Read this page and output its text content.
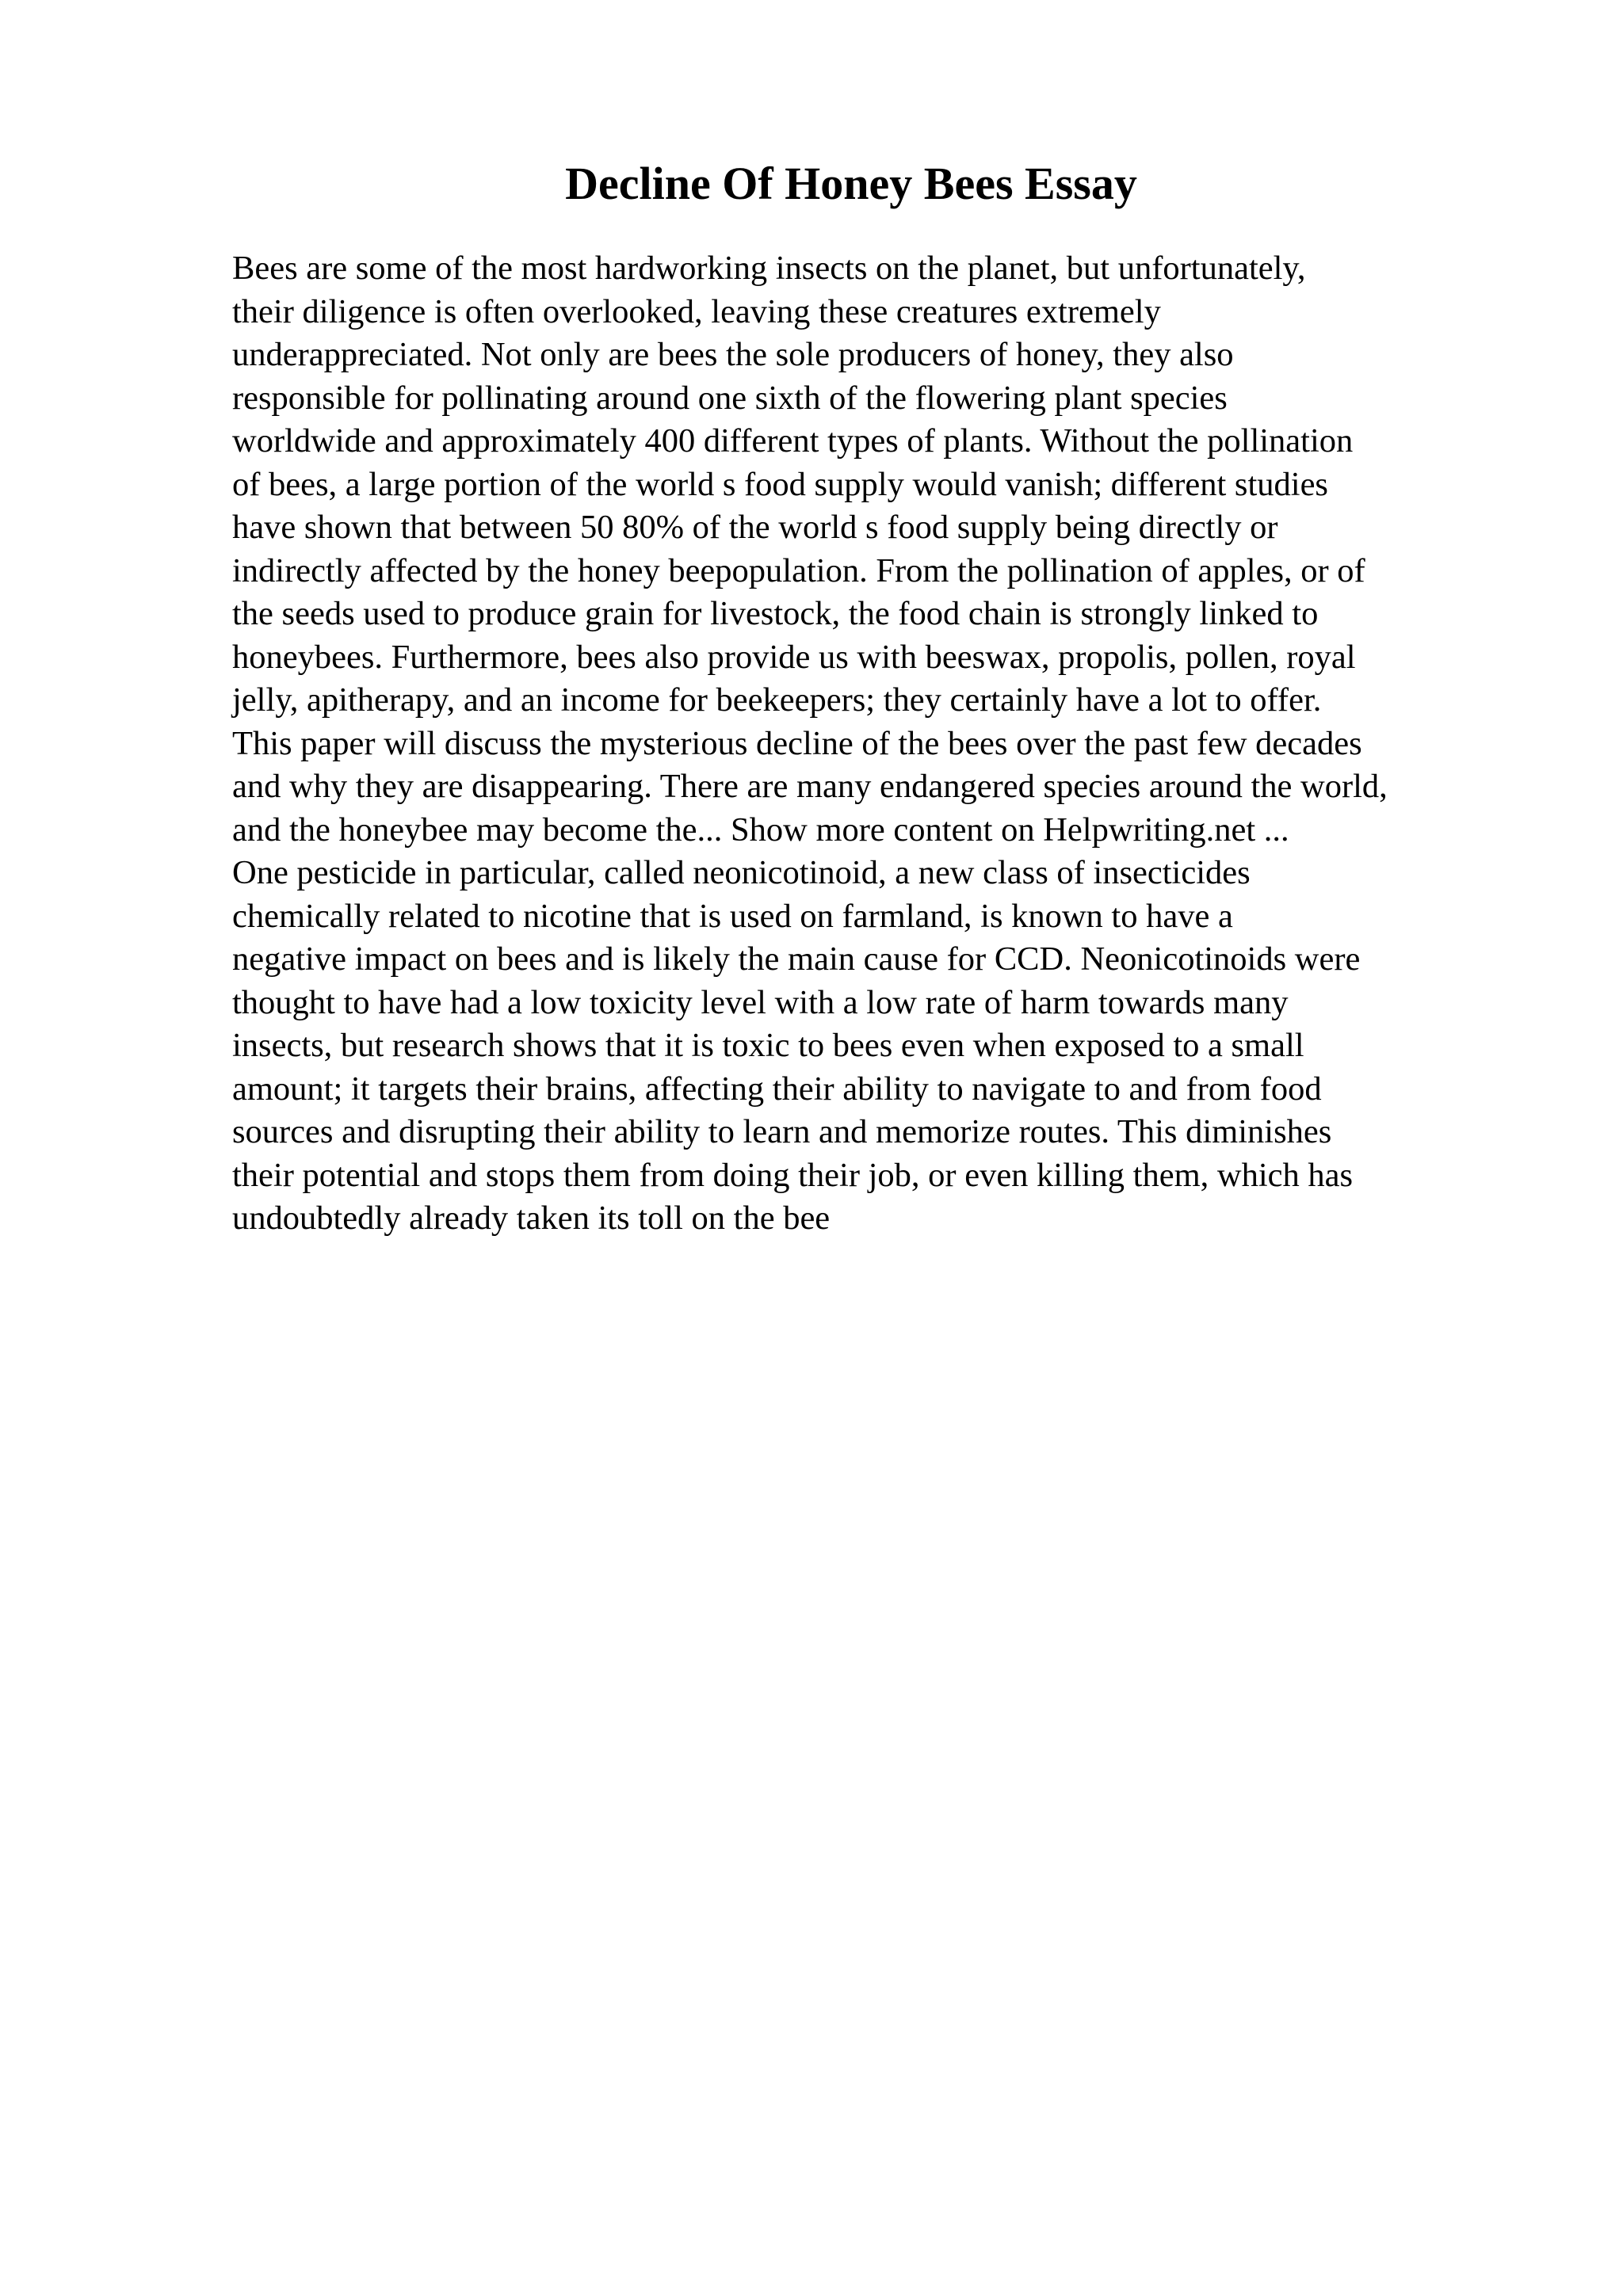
Decline Of Honey Bees Essay
Bees are some of the most hardworking insects on the planet, but unfortunately,
their diligence is often overlooked, leaving these creatures extremely
underappreciated. Not only are bees the sole producers of honey, they also
responsible for pollinating around one sixth of the flowering plant species
worldwide and approximately 400 different types of plants. Without the pollination
of bees, a large portion of the world s food supply would vanish; different studies
have shown that between 50 80% of the world s food supply being directly or
indirectly affected by the honey beepopulation. From the pollination of apples, or of
the seeds used to produce grain for livestock, the food chain is strongly linked to
honeybees. Furthermore, bees also provide us with beeswax, propolis, pollen, royal
jelly, apitherapy, and an income for beekeepers; they certainly have a lot to offer.
This paper will discuss the mysterious decline of the bees over the past few decades
and why they are disappearing. There are many endangered species around the world,
and the honeybee may become the... Show more content on Helpwriting.net ...
One pesticide in particular, called neonicotinoid, a new class of insecticides
chemically related to nicotine that is used on farmland, is known to have a
negative impact on bees and is likely the main cause for CCD. Neonicotinoids were
thought to have had a low toxicity level with a low rate of harm towards many
insects, but research shows that it is toxic to bees even when exposed to a small
amount; it targets their brains, affecting their ability to navigate to and from food
sources and disrupting their ability to learn and memorize routes. This diminishes
their potential and stops them from doing their job, or even killing them, which has
undoubtedly already taken its toll on the bee
